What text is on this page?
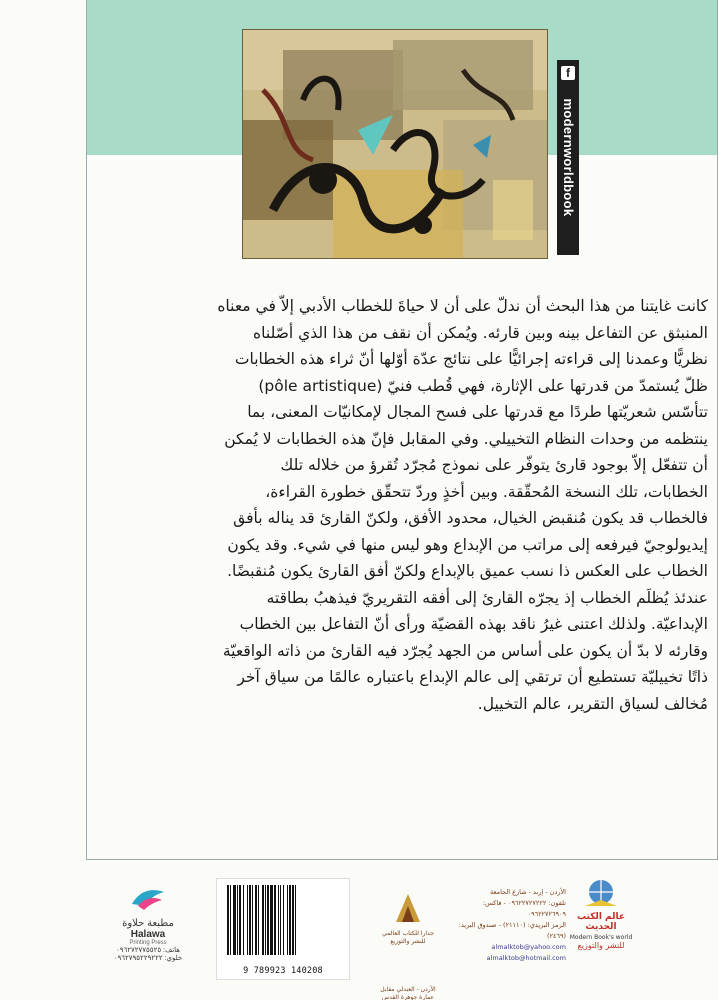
f
modernworldbook

كانت غايتنا من هذا البحث أن ندلّ على أن لا حياةَ للخطاب الأدبي إلاّ في معناه

المنبثق عن التفاعل بينه وبين قارئه. ويُمكن أن نقف من هذا الذي أصّلناه

نظريًّا وعمدنا إلى قراءته إجرائيًّا على نتائج عدّة أوّلها أنّ ثراء هذه الخطابات

ظلّ يُستمدّ من قدرتها على الإثارة، فهي قُطب فنيّ (pôle artistique)

تتأسّس شعريّتها طردًا مع قدرتها على فسح المجال لإمكانيّات المعنى، بما

ينتظمه من وحدات النظام التخييلي. وفي المقابل فإنّ هذه الخطابات لا يُمكن

أن تتفعّل إلاّ بوجود قارئ يتوفّر على نموذج مُجرّد تُقرؤ من خلاله تلك

الخطابات، تلك النسخة المُحقّقة. وبين أخذٍ وردّ تتحقّق خطورة القراءة،

فالخطاب قد يكون مُنقبض الخيال، محدود الأفق، ولكنّ القارئ قد يناله بأفق

إيديولوجيّ فيرفعه إلى مراتب من الإبداع وهو ليس منها في شيء. وقد يكون

الخطاب على العكس ذا نسب عميق بالإبداع ولكنّ أفق القارئ يكون مُنقبضًا.

عندئذ يُظلَم الخطاب إذ يجرّه القارئ إلى أفقه التقريريّ فيذهبُ بطاقته

الإبداعيّة. ولذلك اعتنى غيرُ ناقد بهذه القضيّة ورأى أنّ التفاعل بين الخطاب

وقارئه لا بدّ أن يكون على أساس من الجهد يُجرّد فيه القارئ من ذاته الواقعيّة

ذاتًا تخييليّة تستطيع أن ترتقي إلى عالم الإبداع باعتباره عالمًا من سياق آخر

مُخالف لسياق التقرير، عالم التخييل.

مطبعة حلاوة
Halawa
Printing Press
هاتف: ٠٩٦٢٧٢٧٧٥٥٢٥
خلوي: ٠٩٦٢٧٩٥٢٢٩٢٢٢
9 789923 140208
جدارا للكتاب العالمي للنشر والتوزيع
الأردن - العبدلي مقابل عمارة جوهرة القدس
الأردن - إربد - شارع الجامعة
تلفون: ٠٩٦٢٢٧٢٧٢٢٢ - فاكس: ٠٩٦٢٢٧٢٦٩٠٩
الرمز البريدي: (٢١١١٠) - صندوق البريد: (٢٤٦٩)
almalktob@yahoo.com
almalktob@hotmail.com
عالم الكتب الحديث
Modern Book's world
للنشر والتوزيع
